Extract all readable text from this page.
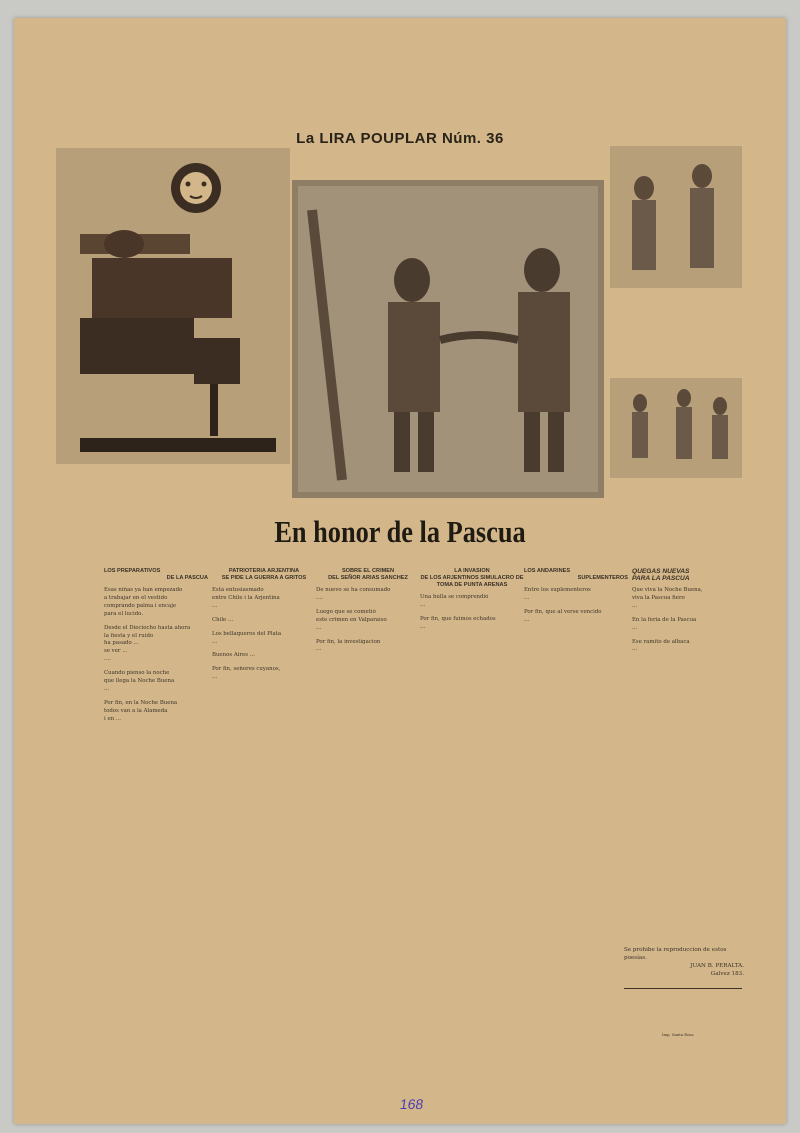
La LIRA POUPLAR Núm. 36
En honor de la Pascua
LOS PREPARATIVOS
DE LA PASCUA
Esas niñas ya han empezado
a trabajar en el vestido
comprando palma i encaje
para el lucido.
Desde el Dieciocho hasta ahora
la fiesta y el ruido
ha pasado ...
se ver ...
....
Cuando pienso la noche
que llega la Noche Buena
...
Por fin, en la Noche Buena
todos van a la Alameda
i en ...
PATRIOTERIA ARJENTINA
SE PIDE LA GUERRA A GRITOS
Está entusiasmado
entre Chile i la Arjentina
...
Chile ...
Los bellaqueros del Plata
...
Buenos Aires ...
Por fin, señores cuyanos,
...
SOBRE EL CRIMEN
DEL SEÑOR ARIAS SANCHEZ
De nuevo se ha consumado
....
Luego que se cometió
este crimen en Valparaíso
...
Por fin, la investigacion
...
LA INVASION
DE LOS ARJENTINOS SIMULACRO DE TOMA DE PUNTA ARENAS
Una bulla se comprendió
...
Por fin, que fuimos echados
...
LOS ANDARINES
SUPLEMENTEROS
Entre los suplementeros
...
Por fin, que al verse vencido
...
QUEGAS NUEVAS
PARA LA PASCUA
Que viva la Noche Buena,
viva la Pascua fiero
...
En la feria de la Pascua
...
Ese ramito de albaca
...
Se prohibe la reproduccion de estos poesías.
JUAN B. PERALTA.
Galvez 183.
Imp. Santa Rosa
168
